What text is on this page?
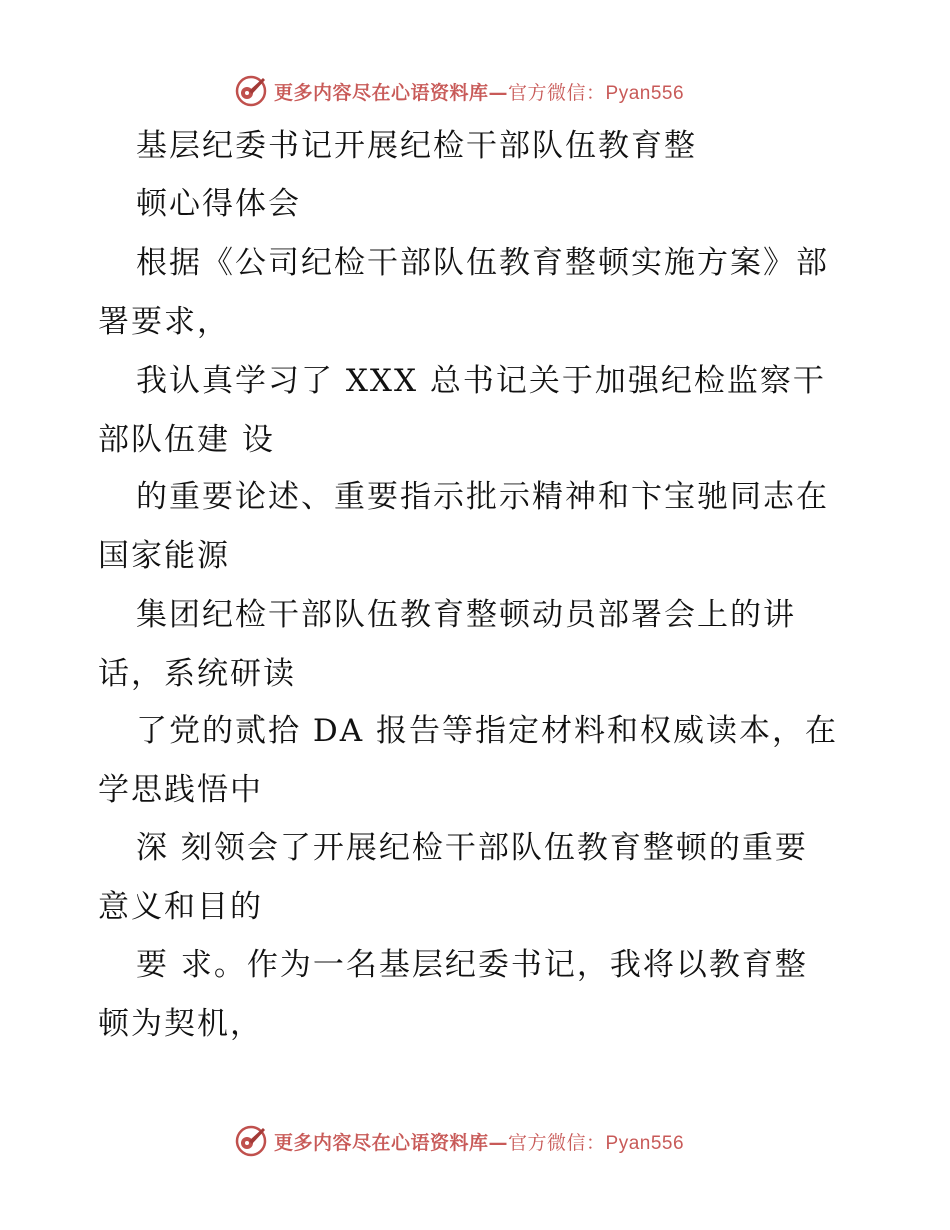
更多内容尽在心语资料库—官方微信：Pyan556
基层纪委书记开展纪检干部队伍教育整
顿心得体会
根据《公司纪检干部队伍教育整顿实施方案》部
署要求，
我认真学习了 XXX 总书记关于加强纪检监察干
部队伍建 设
的重要论述、重要指示批示精神和卞宝驰同志在
国家能源
集团纪检干部队伍教育整顿动员部署会上的讲
话，系统研读
了党的贰拾 DA 报告等指定材料和权威读本，在
学思践悟中
深 刻领会了开展纪检干部队伍教育整顿的重要
意义和目的
要 求。作为一名基层纪委书记，我将以教育整
顿为契机，
更多内容尽在心语资料库—官方微信：Pyan556
